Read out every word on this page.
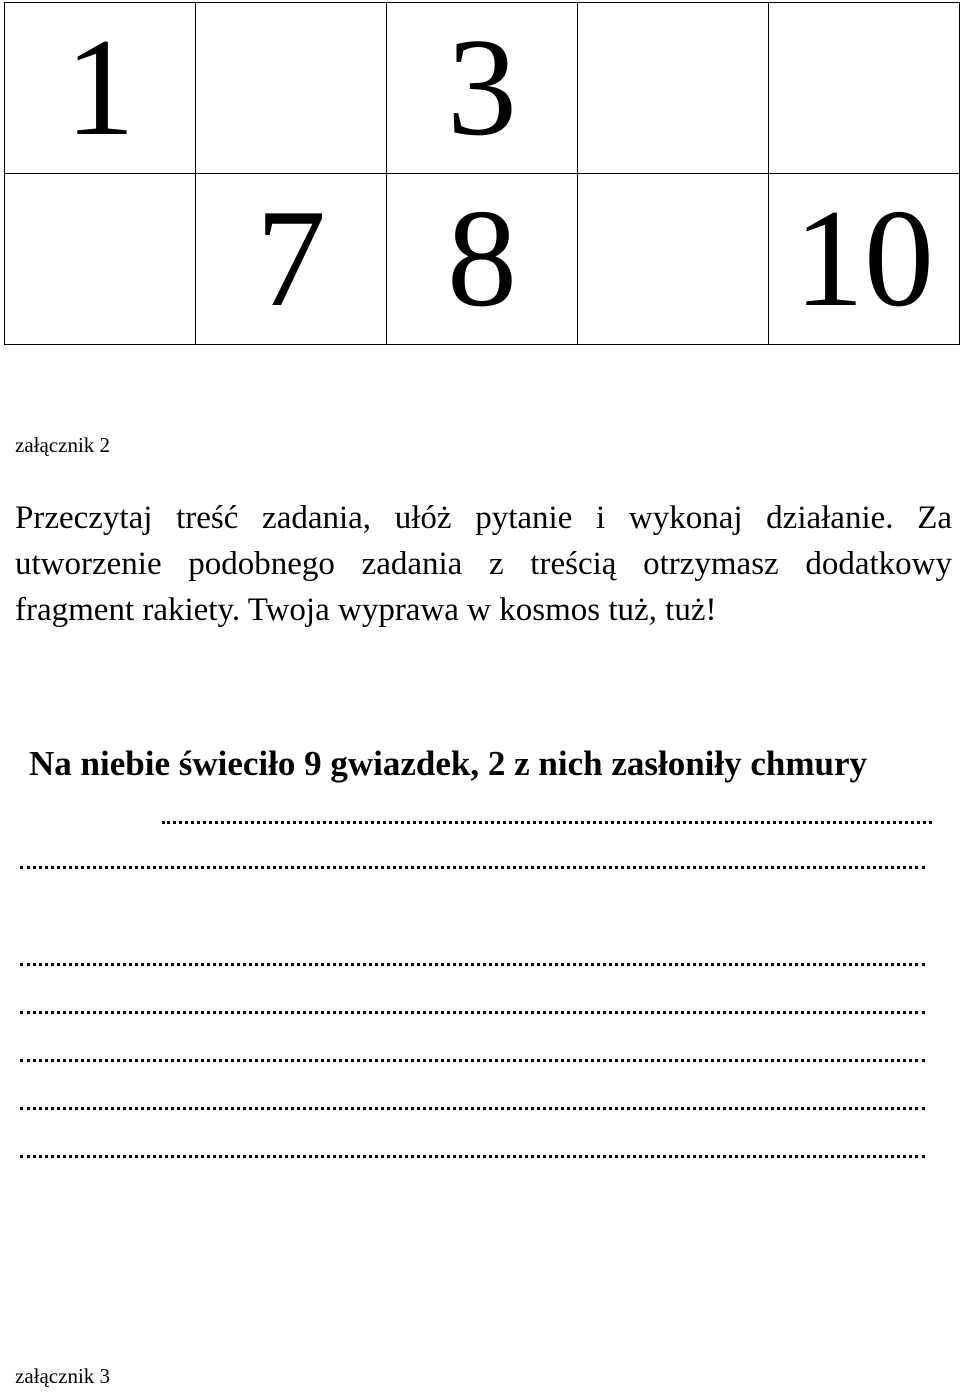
1		3		
	7	8		10
załącznik 2

Przeczytaj treść zadania, ułóż pytanie i wykonaj działanie. Za utworzenie podobnego zadania z treścią otrzymasz dodatkowy fragment rakiety. Twoja wyprawa w kosmos tuż, tuż!

Na niebie świeciło 9 gwiazdek, 2 z nich zasłoniły chmury

załącznik 3
